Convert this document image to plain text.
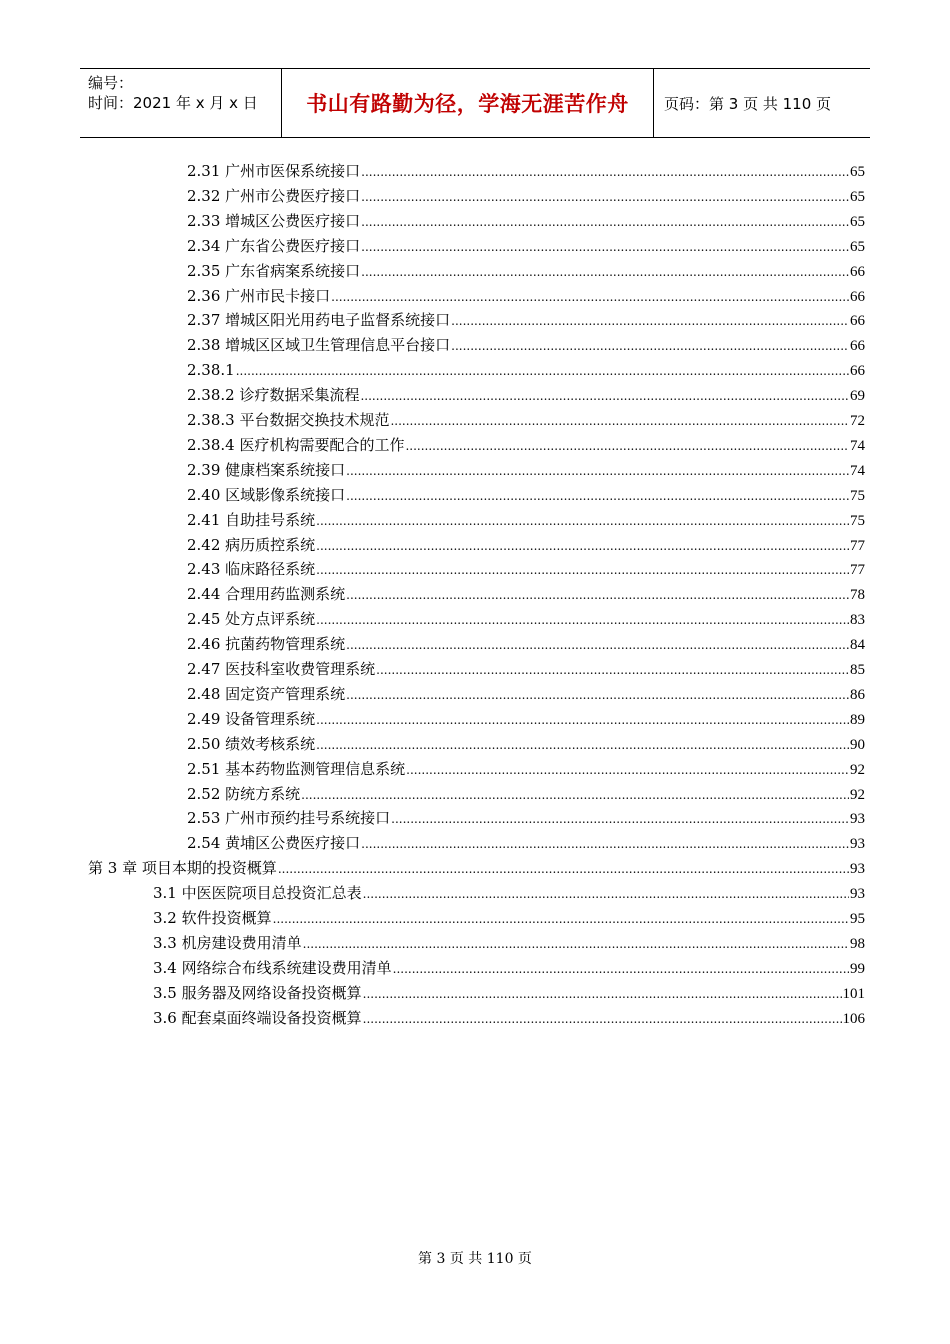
编号：
时间：2021 年 x 月 x 日	书山有路勤为径，学海无涯苦作舟	页码：第 3 页 共 110 页
2.31 广州市医保系统接口 .....	65
2.32 广州市公费医疗接口 .....	65
2.33 增城区公费医疗接口 .....	65
2.34 广东省公费医疗接口 .....	65
2.35 广东省病案系统接口 .....	66
2.36 广州市民卡接口 .....	66
2.37 增城区阳光用药电子监督系统接口 .....	66
2.38 增城区区域卫生管理信息平台接口 .....	66
2.38.1 .....	66
2.38.2 诊疗数据采集流程 .....	69
2.38.3 平台数据交换技术规范 .....	72
2.38.4 医疗机构需要配合的工作 .....	74
2.39 健康档案系统接口 .....	74
2.40 区域影像系统接口 .....	75
2.41 自助挂号系统 .....	75
2.42 病历质控系统 .....	77
2.43 临床路径系统 .....	77
2.44 合理用药监测系统 .....	78
2.45 处方点评系统 .....	83
2.46 抗菌药物管理系统 .....	84
2.47 医技科室收费管理系统 .....	85
2.48 固定资产管理系统 .....	86
2.49 设备管理系统 .....	89
2.50 绩效考核系统 .....	90
2.51 基本药物监测管理信息系统 .....	92
2.52 防统方系统 .....	92
2.53 广州市预约挂号系统接口 .....	93
2.54 黄埔区公费医疗接口 .....	93
第 3 章 项目本期的投资概算 .....	93
3.1 中医医院项目总投资汇总表 .....	93
3.2 软件投资概算 .....	95
3.3 机房建设费用清单 .....	98
3.4 网络综合布线系统建设费用清单 .....	99
3.5 服务器及网络设备投资概算 .....	101
3.6 配套桌面终端设备投资概算 .....	106
第 3 页 共 110 页
